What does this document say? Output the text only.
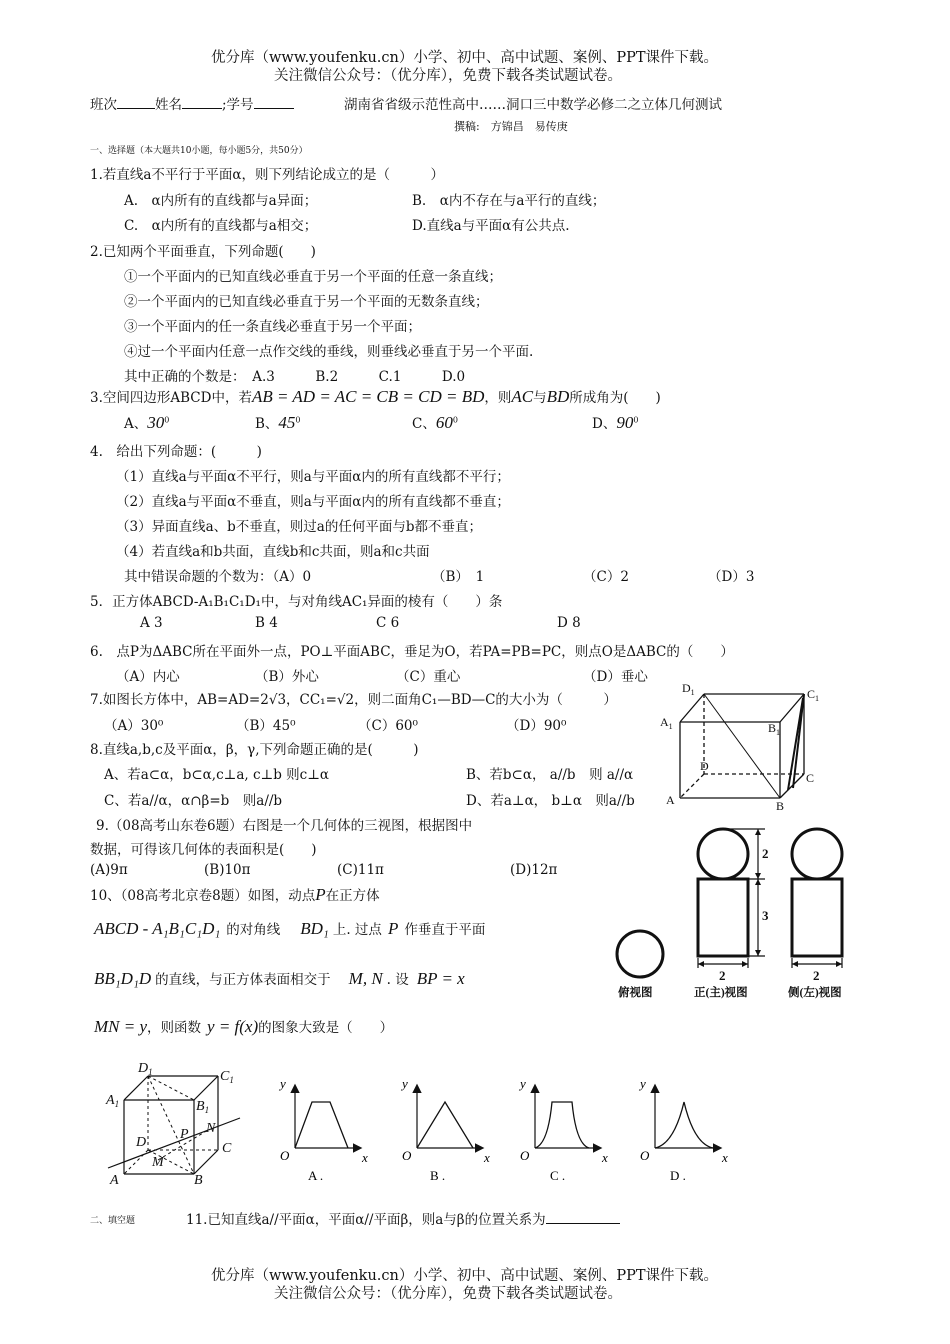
优分库（www.youfenku.cn）小学、初中、高中试题、案例、PPT课件下载。
关注微信公众号：（优分库），免费下载各类试题试卷。
班次	姓名	;学号	湖南省省级示范性高中……洞口三中数学必修二之立体几何测试
撰稿:　方锦昌　易传庚
一、选择题（本大题共10小题，每小题5分，共50分）
1.若直线a不平行于平面α，则下列结论成立的是（　　　）
A.　α内所有的直线都与a异面；	B.　α内不存在与a平行的直线；
C.　α内所有的直线都与a相交；	D.直线a与平面α有公共点.
2.已知两个平面垂直，下列命题(　　)
①一个平面内的已知直线必垂直于另一个平面的任意一条直线；
②一个平面内的已知直线必垂直于另一个平面的无数条直线；
③一个平面内的任一条直线必垂直于另一个平面；
④过一个平面内任意一点作交线的垂线，则垂线必垂直于另一个平面.
其中正确的个数是：　A.3　　　B.2　　　C.1　　　D.0
3.空间四边形ABCD中，若AB = AD = AC = CB = CD = BD，则AC与BD所成角为(　　)
A、$30^0$	B、$45^0$	C、$60^0$	D、$90^0$
4.　给出下列命题：(　　　)
（1）直线a与平面α不平行，则a与平面α内的所有直线都不平行；
（2）直线a与平面α不垂直，则a与平面α内的所有直线都不垂直；
（3）异面直线a、b不垂直，则过a的任何平面与b都不垂直；
（4）若直线a和b共面，直线b和c共面，则a和c共面
其中错误命题的个数为：（A）0	（B）　1	（C）2	（D）3
5．正方体ABCD-A₁B₁C₁D₁中，与对角线AC₁异面的棱有（　　）条
A 3	B 4	C 6	D 8
6.　点P为ΔABC所在平面外一点，PO⊥平面ABC，垂足为O，若PA=PB=PC，则点O是ΔABC的（　　）
（A）内心	（B）外心	（C）重心	（D）垂心
7.如图长方体中，AB=AD=2√3，CC₁=√2，则二面角C₁—BD—C的大小为（　　　）
（A）30⁰	（B）45⁰	（C）60⁰	（D）90⁰
8.直线a,b,c及平面α，β，γ,下列命题正确的是(　　　)
A、若a⊂α，b⊂α,c⊥a, c⊥b 则c⊥α	B、若b⊂α， a//b　则 a//α
C、若a//α，α∩β=b　则a//b	D、若a⊥α， b⊥α　则a//b
9.（08高考山东卷6题）右图是一个几何体的三视图，根据图中
数据，可得该几何体的表面积是(　　)
(A)9π	(B)10π	(C)11π	(D)12π
10、（08高考北京卷8题）如图，动点P在正方体
ABCD - A₁B₁C₁D₁ 的对角线 BD₁ 上. 过点 P 作垂直于平面
BB₁D₁D 的直线，与正方体表面相交于 M, N . 设 BP = x
MN = y，则函数 y = f(x)的图象大致是（　　）
二、填空题	11.已知直线a//平面α，平面α//平面β，则a与β的位置关系为
优分库（www.youfenku.cn）小学、初中、高中试题、案例、PPT课件下载。
关注微信公众号：（优分库），免费下载各类试题试卷。
$D_1$	$C_1$
$A_1$	$B_1$
D
C
A	B
2
3
2	2
俯视图	正(主)视图	侧(左)视图
$D_1$	$C_1$
$A_1$	$B_1$
P N
D	C
M
A	B
y
x
O
A .
y
x
O
B .
y
x
O
C .
y
x
O
D .
